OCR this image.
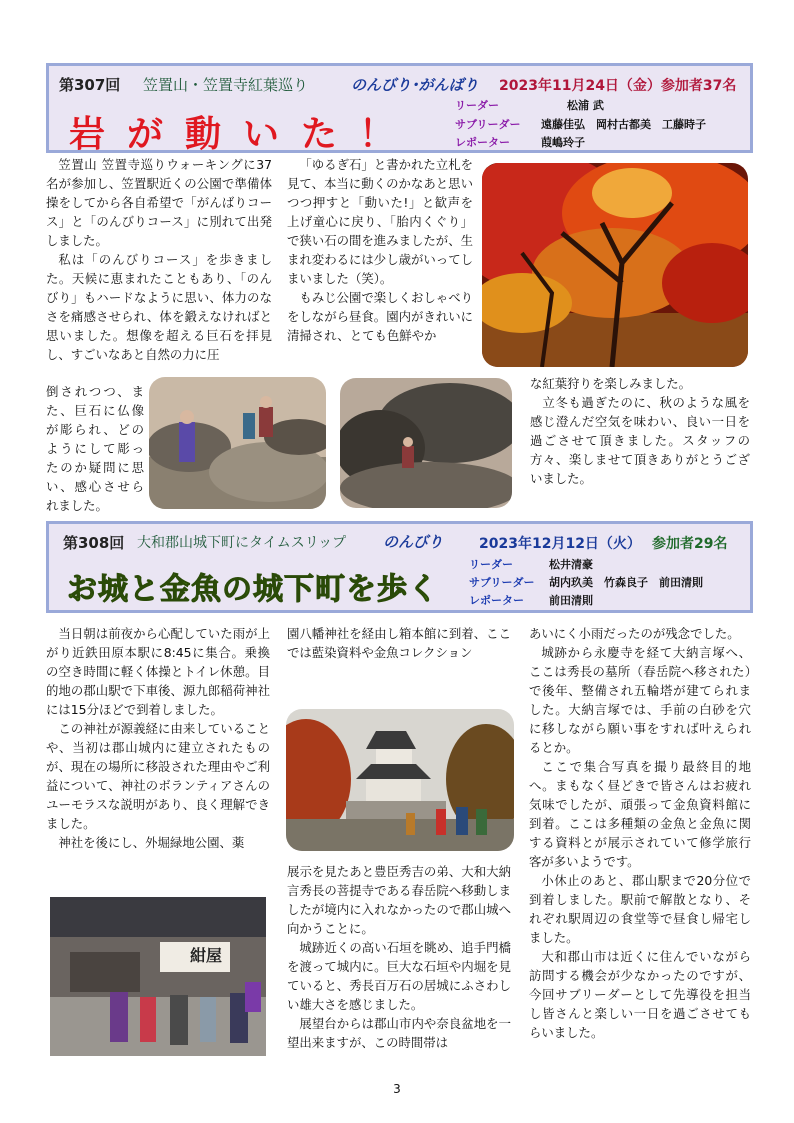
第307回 笠置山・笠置寺紅葉巡り	のんびり･がんばり 2023年11月24日（金）参加者37名
岩が動いた！
リーダー	松浦 武
サブリーダー 遠藤佳弘　岡村古都美　工藤時子
レポーター	葭嶋玲子

笠置山 笠置寺巡りウォーキングに37名が参加し、笠置駅近くの公園で準備体操をしてから各自希望で「がんばりコース」と「のんびりコース」に別れて出発しました。

私は「のんびりコース」を歩きました。天候に恵まれたこともあり、「のんびり」もハードなように思い、体力のなさを痛感させられ、体を鍛えなければと思いました。想像を超える巨石を拝見し、すごいなあと自然の力に圧

倒されつつ、また、巨石に仏像が彫られ、どのようにして彫ったのか疑問に思い、感心させられました。

「ゆるぎ石」と書かれた立札を見て、本当に動くのかなあと思いつつ押すと「動いた!」と歓声を上げ童心に戻り、「胎内くぐり」で狭い石の間を進みましたが、生まれ変わるには少し歳がいってしまいました（笑）。

もみじ公園で楽しくおしゃべりをしながら昼食。園内がきれいに清掃され、とても色鮮やか

な紅葉狩りを楽しみました。

立冬も過ぎたのに、秋のような風を感じ澄んだ空気を味わい、良い一日を過ごさせて頂きました。スタッフの方々、楽しませて頂きありがとうございました。

第308回 大和郡山城下町にタイムスリップ のんびり	2023年12月12日（火） 参加者29名
お城と金魚の城下町を歩く
リーダー	松井清豪
サブリーダー 胡内玖美　竹森良子　前田清則
レポーター 前田清則

当日朝は前夜から心配していた雨が上がり近鉄田原本駅に8:45に集合。乗換の空き時間に軽く体操とトイレ休憩。目的地の郡山駅で下車後、源九郎稲荷神社には15分ほどで到着しました。

この神社が源義経に由来していることや、当初は郡山城内に建立されたものが、現在の場所に移設された理由やご利益について、神社のボランティアさんのユーモラスな説明があり、良く理解できました。

神社を後にし、外堀緑地公園、薬

園八幡神社を経由し箱本館に到着、ここでは藍染資料や金魚コレクション

展示を見たあと豊臣秀吉の弟、大和大納言秀長の菩提寺である春岳院へ移動しましたが境内に入れなかったので郡山城へ向かうことに。

城跡近くの高い石垣を眺め、追手門橋を渡って城内に。巨大な石垣や内堀を見ていると、秀長百万石の居城にふさわしい雄大さを感じました。

展望台からは郡山市内や奈良盆地を一望出来ますが、この時間帯は

あいにく小雨だったのが残念でした。

城跡から永慶寺を経て大納言塚へ、ここは秀長の墓所（春岳院へ移された）で後年、整備され五輪塔が建てられました。大納言塚では、手前の白砂を穴に移しながら願い事をすれば叶えられるとか。

ここで集合写真を撮り最終目的地へ。まもなく昼どきで皆さんはお疲れ気味でしたが、頑張って金魚資料館に到着。ここは多種類の金魚と金魚に関する資料とが展示されていて修学旅行客が多いようです。

小休止のあと、郡山駅まで20分位で到着しました。駅前で解散となり、それぞれ駅周辺の食堂等で昼食し帰宅しました。

大和郡山市は近くに住んでいながら訪問する機会が少なかったのですが、今回サブリーダーとして先導役を担当し皆さんと楽しい一日を過ごさせてもらいました。

紺屋
3
